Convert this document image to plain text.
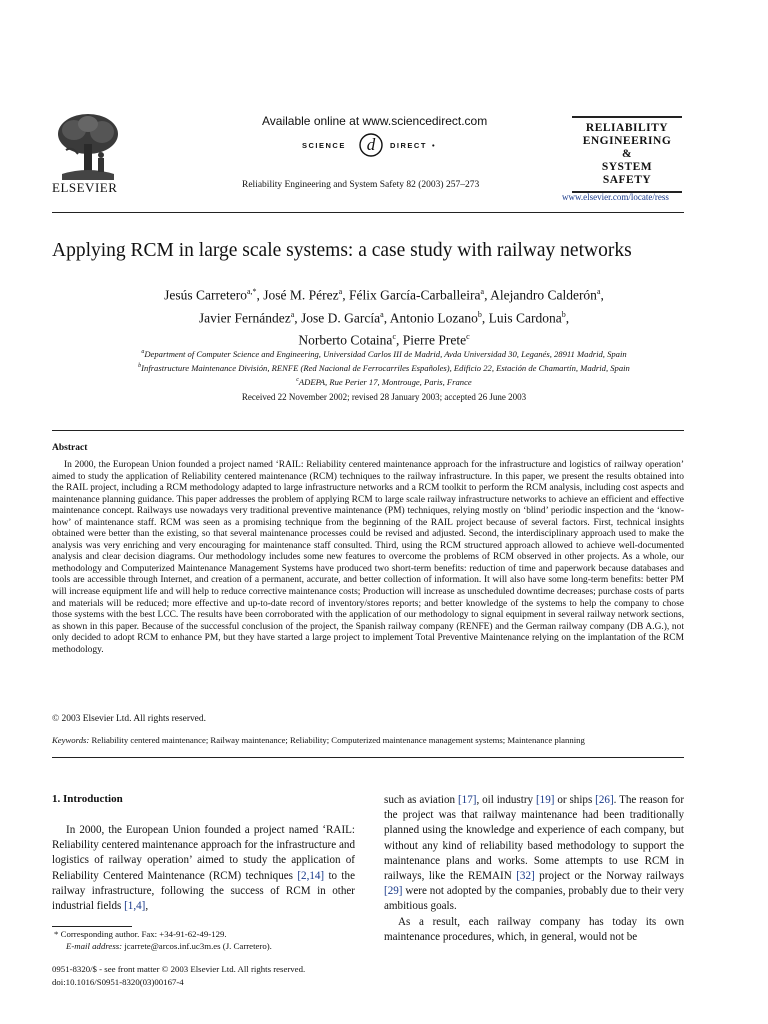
ELSEVIER
Available online at www.sciencedirect.com
SCIENCE d DIRECT •
Reliability Engineering and System Safety 82 (2003) 257–273
RELIABILITY
ENGINEERING
&
SYSTEM
SAFETY
www.elsevier.com/locate/ress
Applying RCM in large scale systems: a case study with railway networks
Jesús Carretero$^{a,*}$, José M. Pérez$^a$, Félix García-Carballeira$^a$, Alejandro Calderón$^a$,
Javier Fernández$^a$, Jose D. García$^a$, Antonio Lozano$^b$, Luis Cardona$^b$,
Norberto Cotaina$^c$, Pierre Prete$^c$
$^a$Department of Computer Science and Engineering, Universidad Carlos III de Madrid, Avda Universidad 30, Leganés, 28911 Madrid, Spain
$^b$Infrastructure Maintenance División, RENFE (Red Nacional de Ferrocarriles Españoles), Edificio 22, Estación de Chamartín, Madrid, Spain
$^c$ADEPA, Rue Perier 17, Montrouge, Paris, France
Received 22 November 2002; revised 28 January 2003; accepted 26 June 2003
Abstract
In 2000, the European Union founded a project named ‘RAIL: Reliability centered maintenance approach for the infrastructure and logistics of railway operation’ aimed to study the application of Reliability centered maintenance (RCM) techniques to the railway infrastructure. In this paper, we present the results obtained into the RAIL project, including a RCM methodology adapted to large infrastructure networks and a RCM toolkit to perform the RCM analysis, including cost aspects and maintenance planning guidance. This paper addresses the problem of applying RCM to large scale railway infrastructure networks to achieve an efficient and effective maintenance concept. Railways use nowadays very traditional preventive maintenance (PM) techniques, relying mostly on ‘blind’ periodic inspection and the ‘know-how’ of maintenance staff. RCM was seen as a promising technique from the beginning of the RAIL project because of several factors. First, technical insights obtained were better than the existing, so that several maintenance processes could be revised and adjusted. Second, the interdisciplinary approach used to make the analysis was very enriching and very encouraging for maintenance staff consulted. Third, using the RCM structured approach allowed to achieve well-documented analysis and clear decision diagrams. Our methodology includes some new features to overcome the problems of RCM observed in other projects. As a whole, our methodology and Computerized Maintenance Management Systems have produced two short-term benefits: reduction of time and paperwork because databases and tools are accessible through Internet, and creation of a permanent, accurate, and better collection of information. It will also have some long-term benefits: better PM will increase equipment life and will help to reduce corrective maintenance costs; Production will increase as unscheduled downtime decreases; purchase costs of parts and materials will be reduced; more effective and up-to-date record of inventory/stores reports; and better knowledge of the systems to help the company to chose those systems with the best LCC. The results have been corroborated with the application of our methodology to signal equipment in several railway network sections, as shown in this paper. Because of the successful conclusion of the project, the Spanish railway company (RENFE) and the German railway company (DB A.G.), not only decided to adopt RCM to enhance PM, but they have started a large project to implement Total Preventive Maintenance relying on the implantation of the RCM methodology.
© 2003 Elsevier Ltd. All rights reserved.
Keywords: Reliability centered maintenance; Railway maintenance; Reliability; Computerized maintenance management systems; Maintenance planning
1. Introduction

In 2000, the European Union founded a project named ‘RAIL: Reliability centered maintenance approach for the infrastructure and logistics of railway operation’ aimed to study the application of Reliability Centered Maintenance (RCM) techniques [2,14] to the railway infrastructure, following the success of RCM in other industrial fields [1,4],

such as aviation [17], oil industry [19] or ships [26]. The reason for the project was that railway maintenance had been traditionally planned using the knowledge and experience of each company, but without any kind of reliability based methodology to support the maintenance plans and works. Some attempts to use RCM in railways, like the REMAIN [32] project or the Norway railways [29] were not adopted by the companies, probably due to their very ambitious goals.

As a result, each railway company has today its own maintenance procedures, which, in general, would not be

* Corresponding author. Fax: +34-91-62-49-129.
E-mail address: jcarrete@arcos.inf.uc3m.es (J. Carretero).
0951-8320/$ - see front matter © 2003 Elsevier Ltd. All rights reserved.
doi:10.1016/S0951-8320(03)00167-4
